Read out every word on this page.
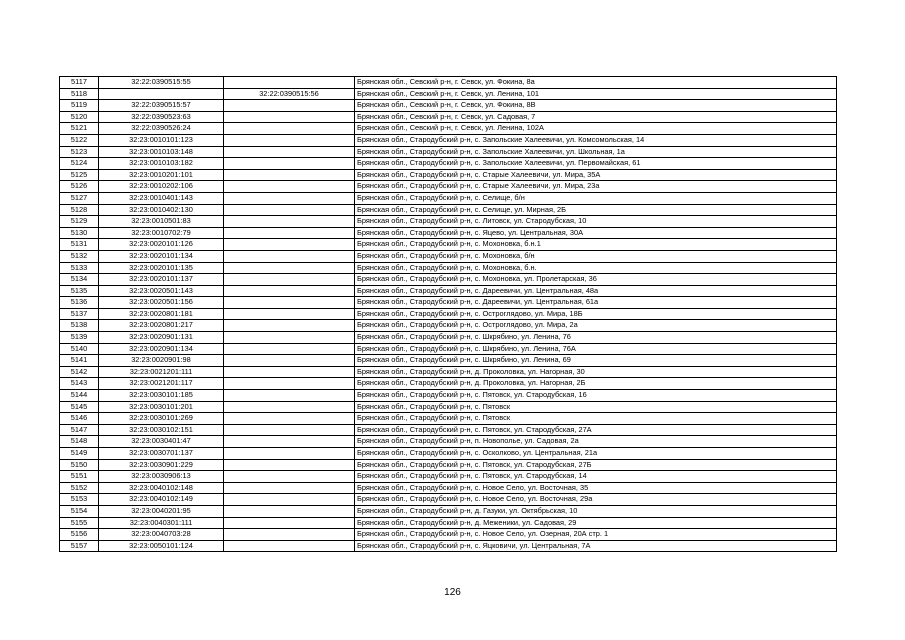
5117	32:22:0390515:55		Брянская обл., Севский р-н, г. Севск, ул. Фокина, 8а
5118		32:22:0390515:56	Брянская обл., Севский р-н, г. Севск, ул. Ленина, 101
5119	32:22:0390515:57		Брянская обл., Севский р-н, г. Севск, ул. Фокина, 8В
5120	32:22:0390523:63		Брянская обл., Севский р-н, г. Севск, ул. Садовая, 7
5121	32:22:0390526:24		Брянская обл., Севский р-н, г. Севск, ул. Ленина, 102А
5122	32:23:0010101:123		Брянская обл., Стародубский р-н, с. Запольские Халеевичи, ул. Комсомольская, 14
5123	32:23:0010103:148		Брянская обл., Стародубский р-н, с. Запольские Халеевичи, ул. Школьная, 1а
5124	32:23:0010103:182		Брянская обл., Стародубский р-н, с. Запольские Халеевичи, ул. Первомайская, 61
5125	32:23:0010201:101		Брянская обл., Стародубский р-н, с. Старые Халеевичи, ул. Мира, 35А
5126	32:23:0010202:106		Брянская обл., Стародубский р-н, с. Старые Халеевичи, ул. Мира, 23а
5127	32:23:0010401:143		Брянская обл., Стародубский р-н, с. Селище, б/н
5128	32:23:0010402:130		Брянская обл., Стародубский р-н, с. Селище, ул. Мирная, 2Б
5129	32:23:0010501:83		Брянская обл., Стародубский р-н, с. Литовск, ул. Стародубская, 10
5130	32:23:0010702:79		Брянская обл., Стародубский р-н, с. Яцево, ул. Центральная, 30А
5131	32:23:0020101:126		Брянская обл., Стародубский р-н, с. Мохоновка, б.н.1
5132	32:23:0020101:134		Брянская обл., Стародубский р-н, с. Мохоновка, б/н
5133	32:23:0020101:135		Брянская обл., Стародубский р-н, с. Мохоновка, б.н.
5134	32:23:0020101:137		Брянская обл., Стародубский р-н, с. Мохоновка, ул. Пролетарская, 36
5135	32:23:0020501:143		Брянская обл., Стародубский р-н, с. Дареевичи, ул. Центральная, 48а
5136	32:23:0020501:156		Брянская обл., Стародубский р-н, с. Дареевичи, ул. Центральная, 61а
5137	32:23:0020801:181		Брянская обл., Стародубский р-н, с. Остроглядово, ул. Мира, 18Б
5138	32:23:0020801:217		Брянская обл., Стародубский р-н, с. Остроглядово, ул. Мира, 2а
5139	32:23:0020901:131		Брянская обл., Стародубский р-н, с. Шкрябино, ул. Ленина, 76
5140	32:23:0020901:134		Брянская обл., Стародубский р-н, с. Шкрябино, ул. Ленина, 76А
5141	32:23:0020901:98		Брянская обл., Стародубский р-н, с. Шкрябино, ул. Ленина, 69
5142	32:23:0021201:111		Брянская обл., Стародубский р-н, д. Проколовка, ул. Нагорная, 30
5143	32:23:0021201:117		Брянская обл., Стародубский р-н, д. Проколовка, ул. Нагорная, 2Б
5144	32:23:0030101:185		Брянская обл., Стародубский р-н, с. Пятовск, ул. Стародубская, 16
5145	32:23:0030101:201		Брянская обл., Стародубский р-н, с. Пятовск
5146	32:23:0030101:269		Брянская обл., Стародубский р-н, с. Пятовск
5147	32:23:0030102:151		Брянская обл., Стародубский р-н, с. Пятовск, ул. Стародубская, 27А
5148	32:23:0030401:47		Брянская обл., Стародубский р-н, п. Новополье, ул. Садовая, 2а
5149	32:23:0030701:137		Брянская обл., Стародубский р-н, с. Осколково, ул. Центральная, 21а
5150	32:23:0030901:229		Брянская обл., Стародубский р-н, с. Пятовск, ул. Стародубская, 27Б
5151	32:23:0030906:13		Брянская обл., Стародубский р-н, с. Пятовск, ул. Стародубская, 14
5152	32:23:0040102:148		Брянская обл., Стародубский р-н, с. Новое Село, ул. Восточная, 35
5153	32:23:0040102:149		Брянская обл., Стародубский р-н, с. Новое Село, ул. Восточная, 29а
5154	32:23:0040201:95		Брянская обл., Стародубский р-н, д. Газуки, ул. Октябрьская, 10
5155	32:23:0040301:111		Брянская обл., Стародубский р-н, д. Меженики, ул. Садовая, 29
5156	32:23:0040703:28		Брянская обл., Стародубский р-н, с. Новое Село, ул. Озерная, 20А стр. 1
5157	32:23:0050101:124		Брянская обл., Стародубский р-н, с. Яцковичи, ул. Центральная, 7А
126
